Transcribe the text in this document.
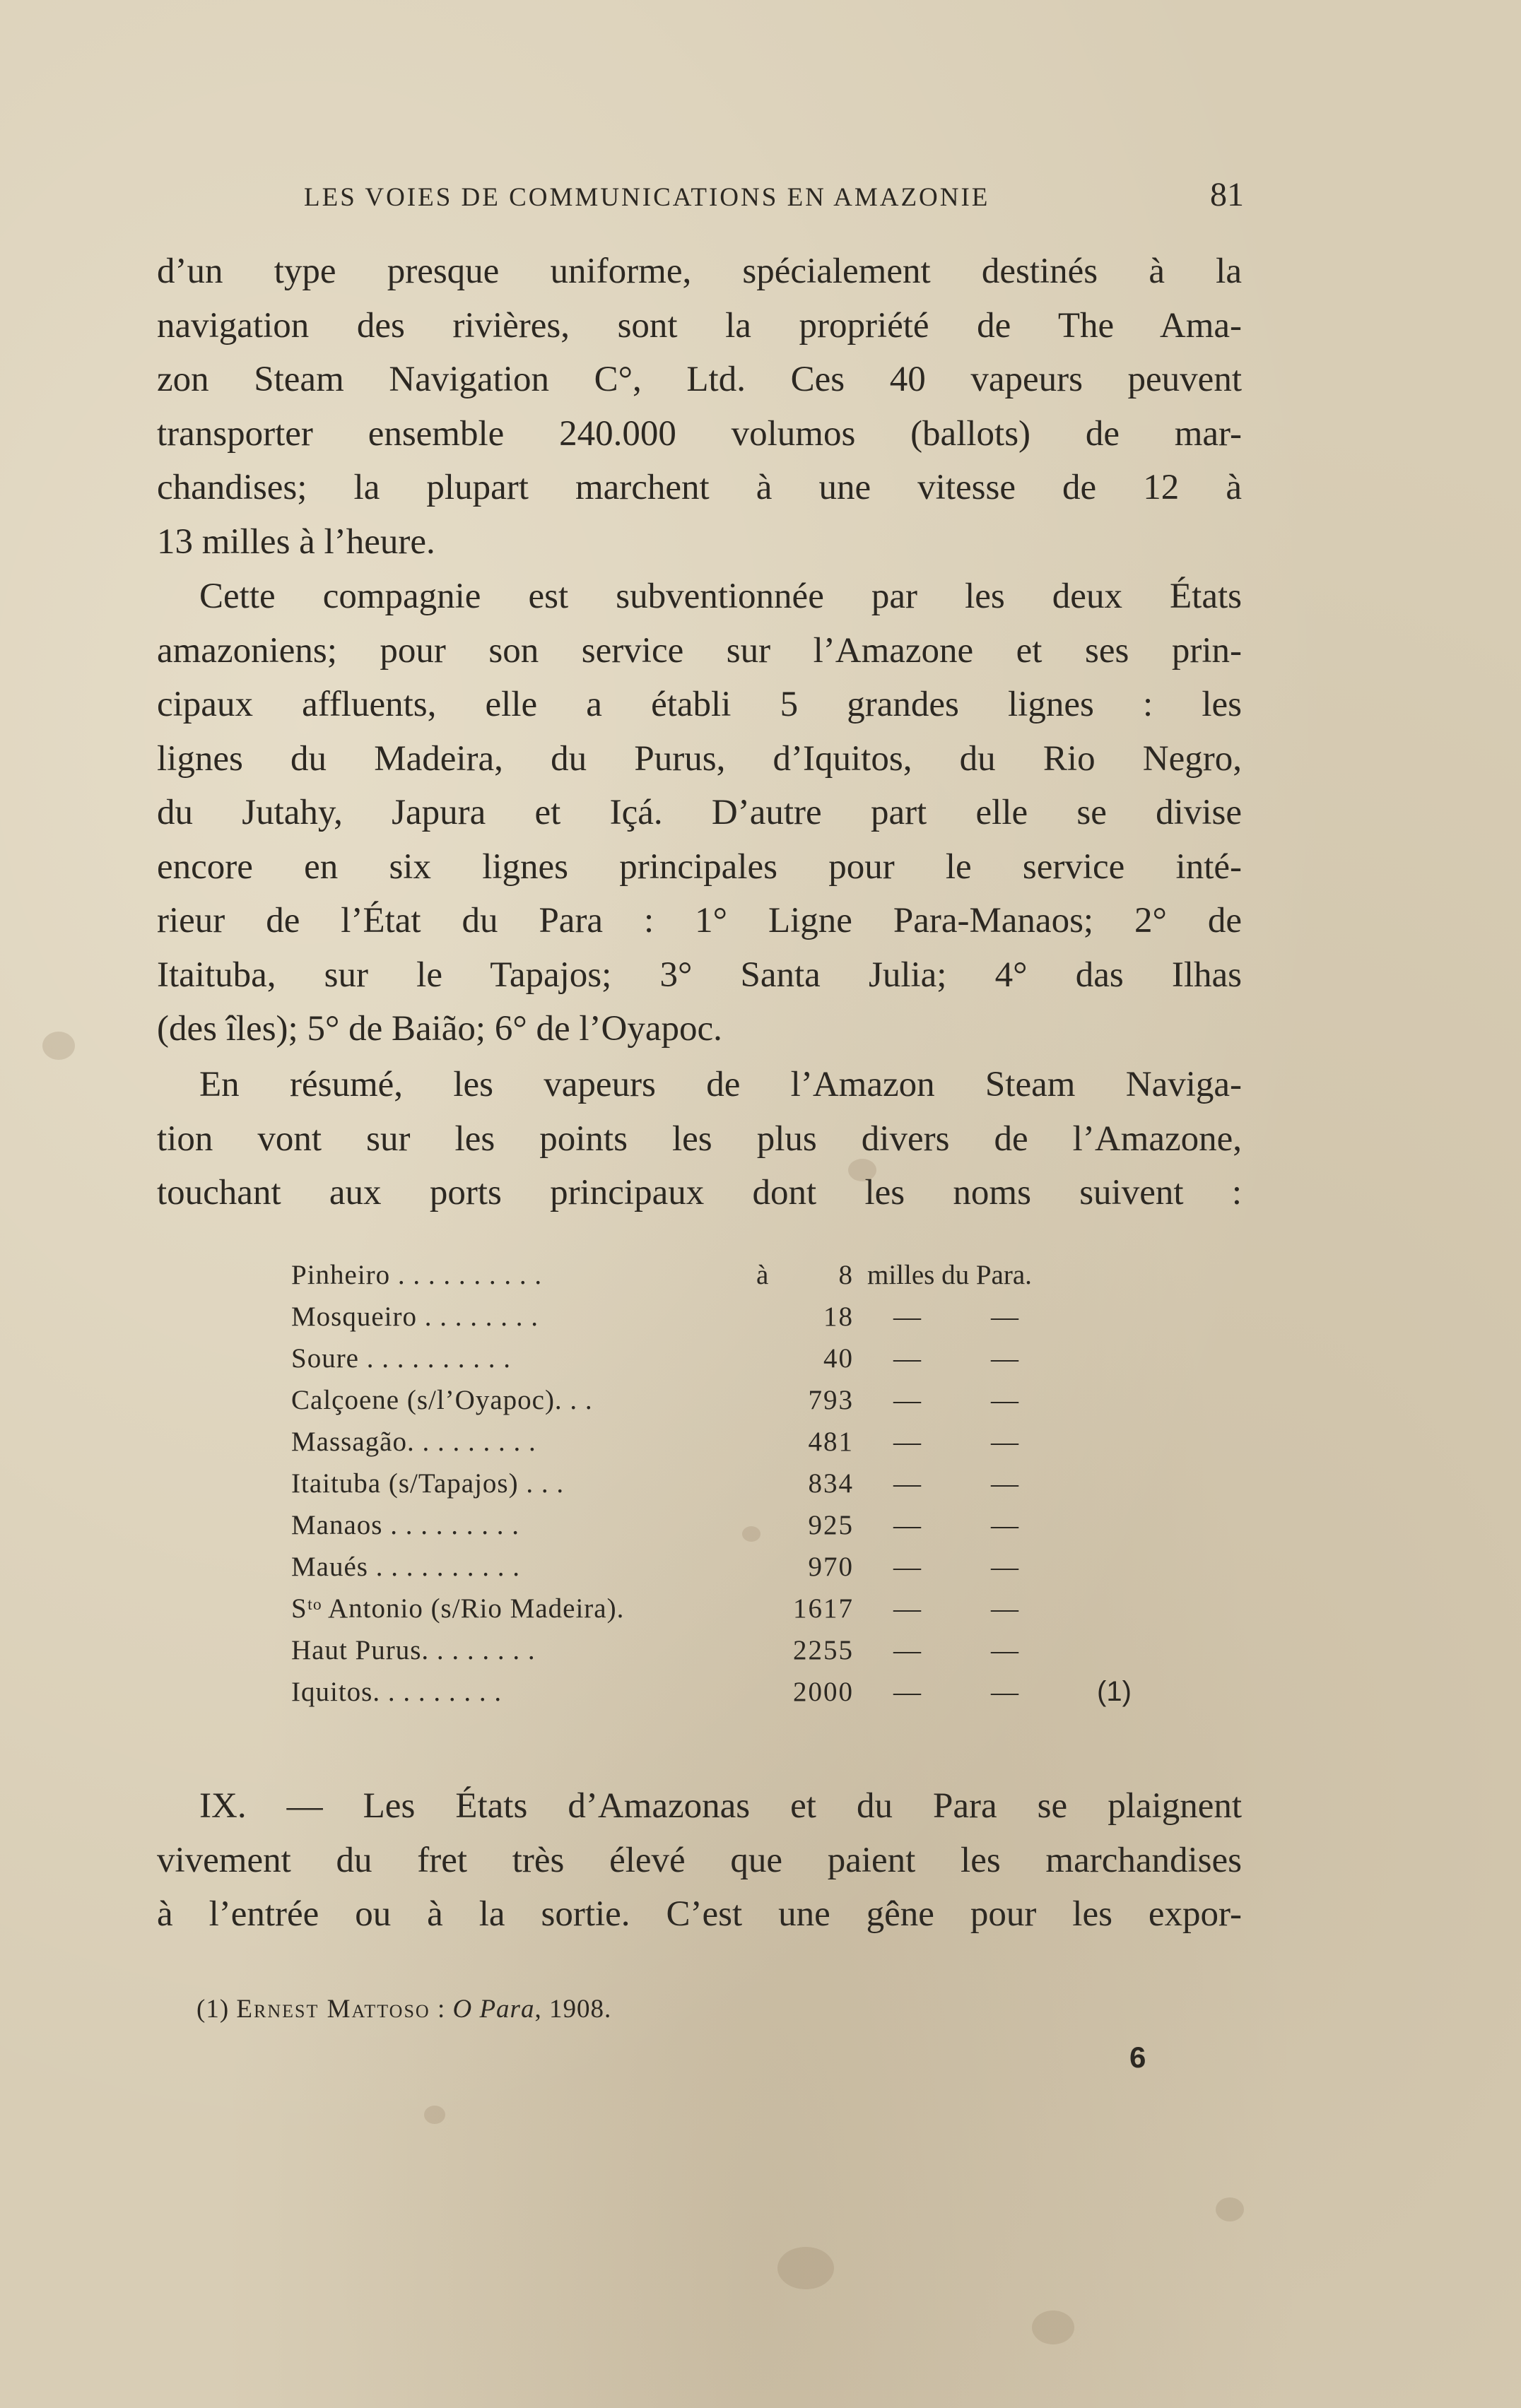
LES VOIES DE COMMUNICATIONS EN AMAZONIE	81

d’un type presque uniforme, spécialement destinés à la

navigation des rivières, sont la propriété de The Ama-

zon Steam Navigation C°, Ltd. Ces 40 vapeurs peuvent

transporter ensemble 240.000 volumos (ballots) de mar-

chandises; la plupart marchent à une vitesse de 12 à

13 milles à l’heure.

Cette compagnie est subventionnée par les deux États

amazoniens; pour son service sur l’Amazone et ses prin-

cipaux affluents, elle a établi 5 grandes lignes : les

lignes du Madeira, du Purus, d’Iquitos, du Rio Negro,

du Jutahy, Japura et Içá. D’autre part elle se divise

encore en six lignes principales pour le service inté-

rieur de l’État du Para : 1° Ligne Para-Manaos; 2° de

Itaituba, sur le Tapajos; 3° Santa Julia; 4° das Ilhas

(des îles); 5° de Baião; 6° de l’Oyapoc.

En résumé, les vapeurs de l’Amazon Steam Naviga-

tion vont sur les points les plus divers de l’Amazone,

touchant aux ports principaux dont les noms suivent :

Pinheiro . . . . . . . . . .	à	8 milles du Para.
Mosqueiro . . . . . . . .	18 —	—
Soure . . . . . . . . . .	40 —	—
Calçoene (s/l’Oyapoc). . .	793 —	—
Massagão. . . . . . . . .	481 —	—
Itaituba (s/Tapajos) . . .	834 —	—
Manaos . . . . . . . . .	925 —	—
Maués . . . . . . . . . .	970 —	—
Sᵗᵒ Antonio (s/Rio Madeira).	1617 —	—
Haut Purus. . . . . . . .	2255 —	—
Iquitos. . . . . . . . .	2000 —	—	(1)

IX. — Les États d’Amazonas et du Para se plaignent

vivement du fret très élevé que paient les marchandises

à l’entrée ou à la sortie. C’est une gêne pour les expor-

(1) Ernest Mattoso : O Para, 1908.
6
